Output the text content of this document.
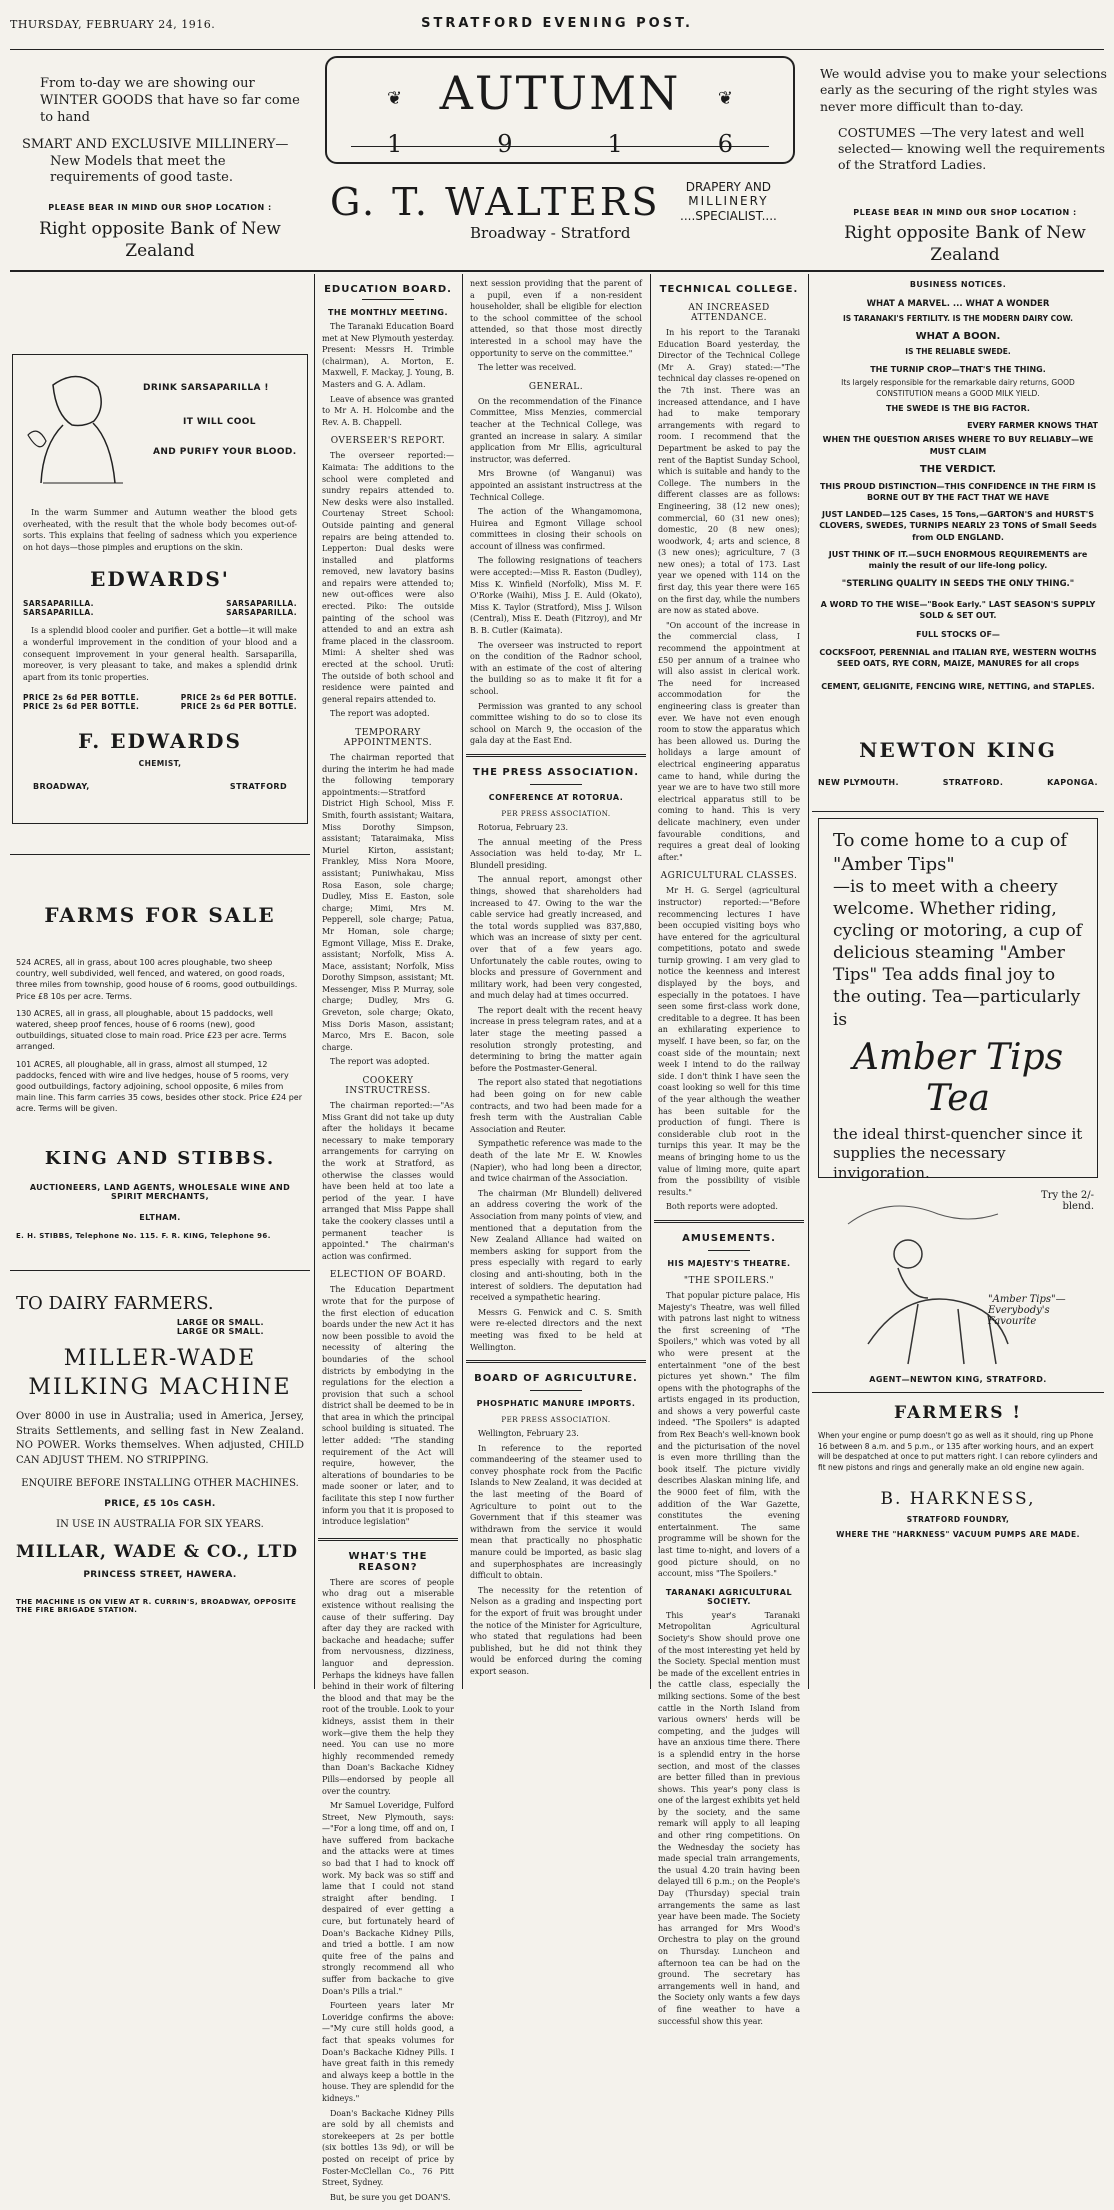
THURSDAY, FEBRUARY 24, 1916.	STRATFORD EVENING POST.
From to-day we are showing our WINTER GOODS that have so far come to hand
SMART AND EXCLUSIVE MILLINERY—
New Models that meet the requirements of good taste.
PLEASE BEAR IN MIND OUR SHOP LOCATION :
Right opposite Bank of New Zealand
❦	❦
AUTUMN
1	9	1	6
G. T. WALTERS	DRAPERY AND
MILLINERY
....SPECIALIST....
Broadway - Stratford
We would advise you to make your selections early as the securing of the right styles was never more difficult than to-day.
COSTUMES —The very latest and well selected— knowing well the requirements of the Stratford Ladies.
PLEASE BEAR IN MIND OUR SHOP LOCATION :
Right opposite Bank of New Zealand
DRINK SARSAPARILLA !
IT WILL COOL
AND PURIFY YOUR BLOOD.
In the warm Summer and Autumn weather the blood gets overheated, with the result that the whole body becomes out-of-sorts. This explains that feeling of sadness which you experience on hot days—those pimples and eruptions on the skin.
EDWARDS'
SARSAPARILLA.
SARSAPARILLA.
SARSAPARILLA.
SARSAPARILLA.
Is a splendid blood cooler and purifier. Get a bottle—it will make a wonderful improvement in the condition of your blood and a consequent improvement in your general health. Sarsaparilla, moreover, is very pleasant to take, and makes a splendid drink apart from its tonic properties.
PRICE 2s 6d PER BOTTLE.
PRICE 2s 6d PER BOTTLE.
PRICE 2s 6d PER BOTTLE.
PRICE 2s 6d PER BOTTLE.
F. EDWARDS
CHEMIST,
BROADWAY,	STRATFORD
FARMS FOR SALE
524 ACRES, all in grass, about 100 acres ploughable, two sheep country, well subdivided, well fenced, and watered, on good roads, three miles from township, good house of 6 rooms, good outbuildings. Price £8 10s per acre. Terms.
130 ACRES, all in grass, all ploughable, about 15 paddocks, well watered, sheep proof fences, house of 6 rooms (new), good outbuildings, situated close to main road. Price £23 per acre. Terms arranged.
101 ACRES, all ploughable, all in grass, almost all stumped, 12 paddocks, fenced with wire and live hedges, house of 5 rooms, very good outbuildings, factory adjoining, school opposite, 6 miles from main line. This farm carries 35 cows, besides other stock. Price £24 per acre. Terms will be given.
KING AND STIBBS.
AUCTIONEERS, LAND AGENTS, WHOLESALE WINE AND SPIRIT MERCHANTS,
ELTHAM.
E. H. STIBBS, Telephone No. 115. F. R. KING, Telephone 96.
TO DAIRY FARMERS.
LARGE OR SMALL.
LARGE OR SMALL.
MILLER-WADE
MILKING MACHINE
Over 8000 in use in Australia; used in America, Jersey, Straits Settlements, and selling fast in New Zealand. NO POWER. Works themselves. When adjusted, CHILD CAN ADJUST THEM. NO STRIPPING.
ENQUIRE BEFORE INSTALLING OTHER MACHINES.
PRICE, £5 10s CASH.
IN USE IN AUSTRALIA FOR SIX YEARS.
MILLAR, WADE & CO., LTD
PRINCESS STREET, HAWERA.
THE MACHINE IS ON VIEW AT R. CURRIN'S, BROADWAY, OPPOSITE THE FIRE BRIGADE STATION.
EDUCATION BOARD.
THE MONTHLY MEETING.
The Taranaki Education Board met at New Plymouth yesterday. Present: Messrs H. Trimble (chairman), A. Morton, E. Maxwell, F. Mackay, J. Young, B. Masters and G. A. Adlam.
Leave of absence was granted to Mr A. H. Holcombe and the Rev. A. B. Chappell.
OVERSEER'S REPORT.
The overseer reported:—Kaimata: The additions to the school were completed and sundry repairs attended to. New desks were also installed. Courtenay Street School: Outside painting and general repairs are being attended to. Lepperton: Dual desks were installed and platforms removed, new lavatory basins and repairs were attended to; new out-offices were also erected. Piko: The outside painting of the school was attended to and an extra ash frame placed in the classroom. Mimi: A shelter shed was erected at the school. Urutī: The outside of both school and residence were painted and general repairs attended to.
The report was adopted.
TEMPORARY APPOINTMENTS.
The chairman reported that during the interim he had made the following temporary appointments:—Stratford District High School, Miss F. Smith, fourth assistant; Waitara, Miss Dorothy Simpson, assistant; Tataraimaka, Miss Muriel Kirton, assistant; Frankley, Miss Nora Moore, assistant; Puniwhakau, Miss Rosa Eason, sole charge; Dudley, Miss E. Easton, sole charge; Mimi, Mrs M. Pepperell, sole charge; Patua, Mr Homan, sole charge; Egmont Village, Miss E. Drake, assistant; Norfolk, Miss A. Mace, assistant; Norfolk, Miss Dorothy Simpson, assistant; Mt. Messenger, Miss P. Murray, sole charge; Dudley, Mrs G. Greveton, sole charge; Okato, Miss Doris Mason, assistant; Marco, Mrs E. Bacon, sole charge.
The report was adopted.
COOKERY INSTRUCTRESS.
The chairman reported:—"As Miss Grant did not take up duty after the holidays it became necessary to make temporary arrangements for carrying on the work at Stratford, as otherwise the classes would have been held at too late a period of the year. I have arranged that Miss Pappe shall take the cookery classes until a permanent teacher is appointed." The chairman's action was confirmed.
ELECTION OF BOARD.
The Education Department wrote that for the purpose of the first election of education boards under the new Act it has now been possible to avoid the necessity of altering the boundaries of the school districts by embodying in the regulations for the election a provision that such a school district shall be deemed to be in that area in which the principal school building is situated. The letter added: "The standing requirement of the Act will require, however, the alterations of boundaries to be made sooner or later, and to facilitate this step I now further inform you that it is proposed to introduce legislation"
WHAT'S THE REASON?
There are scores of people who drag out a miserable existence without realising the cause of their suffering. Day after day they are racked with backache and headache; suffer from nervousness, dizziness, languor and depression. Perhaps the kidneys have fallen behind in their work of filtering the blood and that may be the root of the trouble. Look to your kidneys, assist them in their work—give them the help they need. You can use no more highly recommended remedy than Doan's Backache Kidney Pills—endorsed by people all over the country.
Mr Samuel Loveridge, Fulford Street, New Plymouth, says:—"For a long time, off and on, I have suffered from backache and the attacks were at times so bad that I had to knock off work. My back was so stiff and lame that I could not stand straight after bending. I despaired of ever getting a cure, but fortunately heard of Doan's Backache Kidney Pills, and tried a bottle. I am now quite free of the pains and strongly recommend all who suffer from backache to give Doan's Pills a trial."
Fourteen years later Mr Loveridge confirms the above:—"My cure still holds good, a fact that speaks volumes for Doan's Backache Kidney Pills. I have great faith in this remedy and always keep a bottle in the house. They are splendid for the kidneys."
Doan's Backache Kidney Pills are sold by all chemists and storekeepers at 2s per bottle (six bottles 13s 9d), or will be posted on receipt of price by Foster-McClellan Co., 76 Pitt Street, Sydney.
But, be sure you get DOAN'S.
next session providing that the parent of a pupil, even if a non-resident householder, shall be eligible for election to the school committee of the school attended, so that those most directly interested in a school may have the opportunity to serve on the committee."
The letter was received.
GENERAL.
On the recommendation of the Finance Committee, Miss Menzies, commercial teacher at the Technical College, was granted an increase in salary. A similar application from Mr Ellis, agricultural instructor, was deferred.
Mrs Browne (of Wanganui) was appointed an assistant instructress at the Technical College.
The action of the Whangamomona, Huirea and Egmont Village school committees in closing their schools on account of illness was confirmed.
The following resignations of teachers were accepted:—Miss R. Easton (Dudley), Miss K. Winfield (Norfolk), Miss M. F. O'Rorke (Waihi), Miss J. E. Auld (Okato), Miss K. Taylor (Stratford), Miss J. Wilson (Central), Miss E. Death (Fitzroy), and Mr B. B. Cutler (Kaimata).
The overseer was instructed to report on the condition of the Radnor school, with an estimate of the cost of altering the building so as to make it fit for a school.
Permission was granted to any school committee wishing to do so to close its school on March 9, the occasion of the gala day at the East End.
THE PRESS ASSOCIATION.
CONFERENCE AT ROTORUA.
PER PRESS ASSOCIATION.
Rotorua, February 23.
The annual meeting of the Press Association was held to-day, Mr L. Blundell presiding.
The annual report, amongst other things, showed that shareholders had increased to 47. Owing to the war the cable service had greatly increased, and the total words supplied was 837,880, which was an increase of sixty per cent. over that of a few years ago. Unfortunately the cable routes, owing to blocks and pressure of Government and military work, had been very congested, and much delay had at times occurred.
The report dealt with the recent heavy increase in press telegram rates, and at a later stage the meeting passed a resolution strongly protesting, and determining to bring the matter again before the Postmaster-General.
The report also stated that negotiations had been going on for new cable contracts, and two had been made for a fresh term with the Australian Cable Association and Reuter.
Sympathetic reference was made to the death of the late Mr E. W. Knowles (Napier), who had long been a director, and twice chairman of the Association.
The chairman (Mr Blundell) delivered an address covering the work of the Association from many points of view, and mentioned that a deputation from the New Zealand Alliance had waited on members asking for support from the press especially with regard to early closing and anti-shouting, both in the interest of soldiers. The deputation had received a sympathetic hearing.
Messrs G. Fenwick and C. S. Smith were re-elected directors and the next meeting was fixed to be held at Wellington.
BOARD OF AGRICULTURE.
PHOSPHATIC MANURE IMPORTS.
PER PRESS ASSOCIATION.
Wellington, February 23.
In reference to the reported commandeering of the steamer used to convey phosphate rock from the Pacific Islands to New Zealand, it was decided at the last meeting of the Board of Agriculture to point out to the Government that if this steamer was withdrawn from the service it would mean that practically no phosphatic manure could be imported, as basic slag and superphosphates are increasingly difficult to obtain.
The necessity for the retention of Nelson as a grading and inspecting port for the export of fruit was brought under the notice of the Minister for Agriculture, who stated that regulations had been published, but he did not think they would be enforced during the coming export season.
TECHNICAL COLLEGE.
AN INCREASED ATTENDANCE.
In his report to the Taranaki Education Board yesterday, the Director of the Technical College (Mr A. Gray) stated:—"The technical day classes re-opened on the 7th inst. There was an increased attendance, and I have had to make temporary arrangements with regard to room. I recommend that the Department be asked to pay the rent of the Baptist Sunday School, which is suitable and handy to the College. The numbers in the different classes are as follows: Engineering, 38 (12 new ones); commercial, 60 (31 new ones); domestic, 20 (8 new ones); woodwork, 4; arts and science, 8 (3 new ones); agriculture, 7 (3 new ones); a total of 173. Last year we opened with 114 on the first day, this year there were 165 on the first day, while the numbers are now as stated above.
"On account of the increase in the commercial class, I recommend the appointment at £50 per annum of a trainee who will also assist in clerical work. The need for increased accommodation for the engineering class is greater than ever. We have not even enough room to stow the apparatus which has been allowed us. During the holidays a large amount of electrical engineering apparatus came to hand, while during the year we are to have two still more electrical apparatus still to be coming to hand. This is very delicate machinery, even under favourable conditions, and requires a great deal of looking after."
AGRICULTURAL CLASSES.
Mr H. G. Sergel (agricultural instructor) reported:—"Before recommencing lectures I have been occupied visiting boys who have entered for the agricultural competitions, potato and swede turnip growing. I am very glad to notice the keenness and interest displayed by the boys, and especially in the potatoes. I have seen some first-class work done, creditable to a degree. It has been an exhilarating experience to myself. I have been, so far, on the coast side of the mountain; next week I intend to do the railway side. I don't think I have seen the coast looking so well for this time of the year although the weather has been suitable for the production of fungi. There is considerable club root in the turnips this year. It may be the means of bringing home to us the value of liming more, quite apart from the possibility of visible results."
Both reports were adopted.
AMUSEMENTS.
HIS MAJESTY'S THEATRE.
"THE SPOILERS."
That popular picture palace, His Majesty's Theatre, was well filled with patrons last night to witness the first screening of "The Spoilers," which was voted by all who were present at the entertainment "one of the best pictures yet shown." The film opens with the photographs of the artists engaged in its production, and shows a very powerful caste indeed. "The Spoilers" is adapted from Rex Beach's well-known book and the picturisation of the novel is even more thrilling than the book itself. The picture vividly describes Alaskan mining life, and the 9000 feet of film, with the addition of the War Gazette, constitutes the evening entertainment. The same programme will be shown for the last time to-night, and lovers of a good picture should, on no account, miss "The Spoilers."
TARANAKI AGRICULTURAL SOCIETY.
This year's Taranaki Metropolitan Agricultural Society's Show should prove one of the most interesting yet held by the Society. Special mention must be made of the excellent entries in the cattle class, especially the milking sections. Some of the best cattle in the North Island from various owners' herds will be competing, and the judges will have an anxious time there. There is a splendid entry in the horse section, and most of the classes are better filled than in previous shows. This year's pony class is one of the largest exhibits yet held by the society, and the same remark will apply to all leaping and other ring competitions. On the Wednesday the society has made special train arrangements, the usual 4.20 train having been delayed till 6 p.m.; on the People's Day (Thursday) special train arrangements the same as last year have been made. The Society has arranged for Mrs Wood's Orchestra to play on the ground on Thursday. Luncheon and afternoon tea can be had on the ground. The secretary has arrangements well in hand, and the Society only wants a few days of fine weather to have a successful show this year.
BUSINESS NOTICES.
WHAT A MARVEL. ... WHAT A WONDER
IS TARANAKI'S FERTILITY. IS THE MODERN DAIRY COW.
WHAT A BOON.
IS THE RELIABLE SWEDE.
THE TURNIP CROP—THAT'S THE THING.
Its largely responsible for the remarkable dairy returns, GOOD CONSTITUTION means a GOOD MILK YIELD.
THE SWEDE IS THE BIG FACTOR.
EVERY FARMER KNOWS THAT
WHEN THE QUESTION ARISES WHERE TO BUY RELIABLY—WE MUST CLAIM
THE VERDICT.
THIS PROUD DISTINCTION—THIS CONFIDENCE IN THE FIRM IS BORNE OUT BY THE FACT THAT WE HAVE
JUST LANDED—125 Cases, 15 Tons,—GARTON'S and HURST'S CLOVERS, SWEDES, TURNIPS NEARLY 23 TONS of Small Seeds from OLD ENGLAND.
JUST THINK OF IT.—SUCH ENORMOUS REQUIREMENTS are mainly the result of our life-long policy.
"STERLING QUALITY IN SEEDS THE ONLY THING."
A WORD TO THE WISE—"Book Early." LAST SEASON'S SUPPLY SOLD & SET OUT.
FULL STOCKS OF—
COCKSFOOT, PERENNIAL and ITALIAN RYE, WESTERN WOLTHS SEED OATS, RYE CORN, MAIZE, MANURES for all crops
CEMENT, GELIGNITE, FENCING WIRE, NETTING, and STAPLES.
NEWTON KING
NEW PLYMOUTH.	STRATFORD.	KAPONGA.
To come home to a cup of "Amber Tips"
—is to meet with a cheery welcome. Whether riding, cycling or motoring, a cup of delicious steaming "Amber Tips" Tea adds final joy to the outing. Tea—particularly is
Amber Tips Tea
the ideal thirst-quencher since it supplies the necessary invigoration.
Try the 2/- blend.
"Amber Tips"— Everybody's Favourite
AGENT—NEWTON KING, STRATFORD.
FARMERS !
When your engine or pump doesn't go as well as it should, ring up Phone 16 between 8 a.m. and 5 p.m., or 135 after working hours, and an expert will be despatched at once to put matters right. I can rebore cylinders and fit new pistons and rings and generally make an old engine new again.
B. HARKNESS,
STRATFORD FOUNDRY,
WHERE THE "HARKNESS" VACUUM PUMPS ARE MADE.
